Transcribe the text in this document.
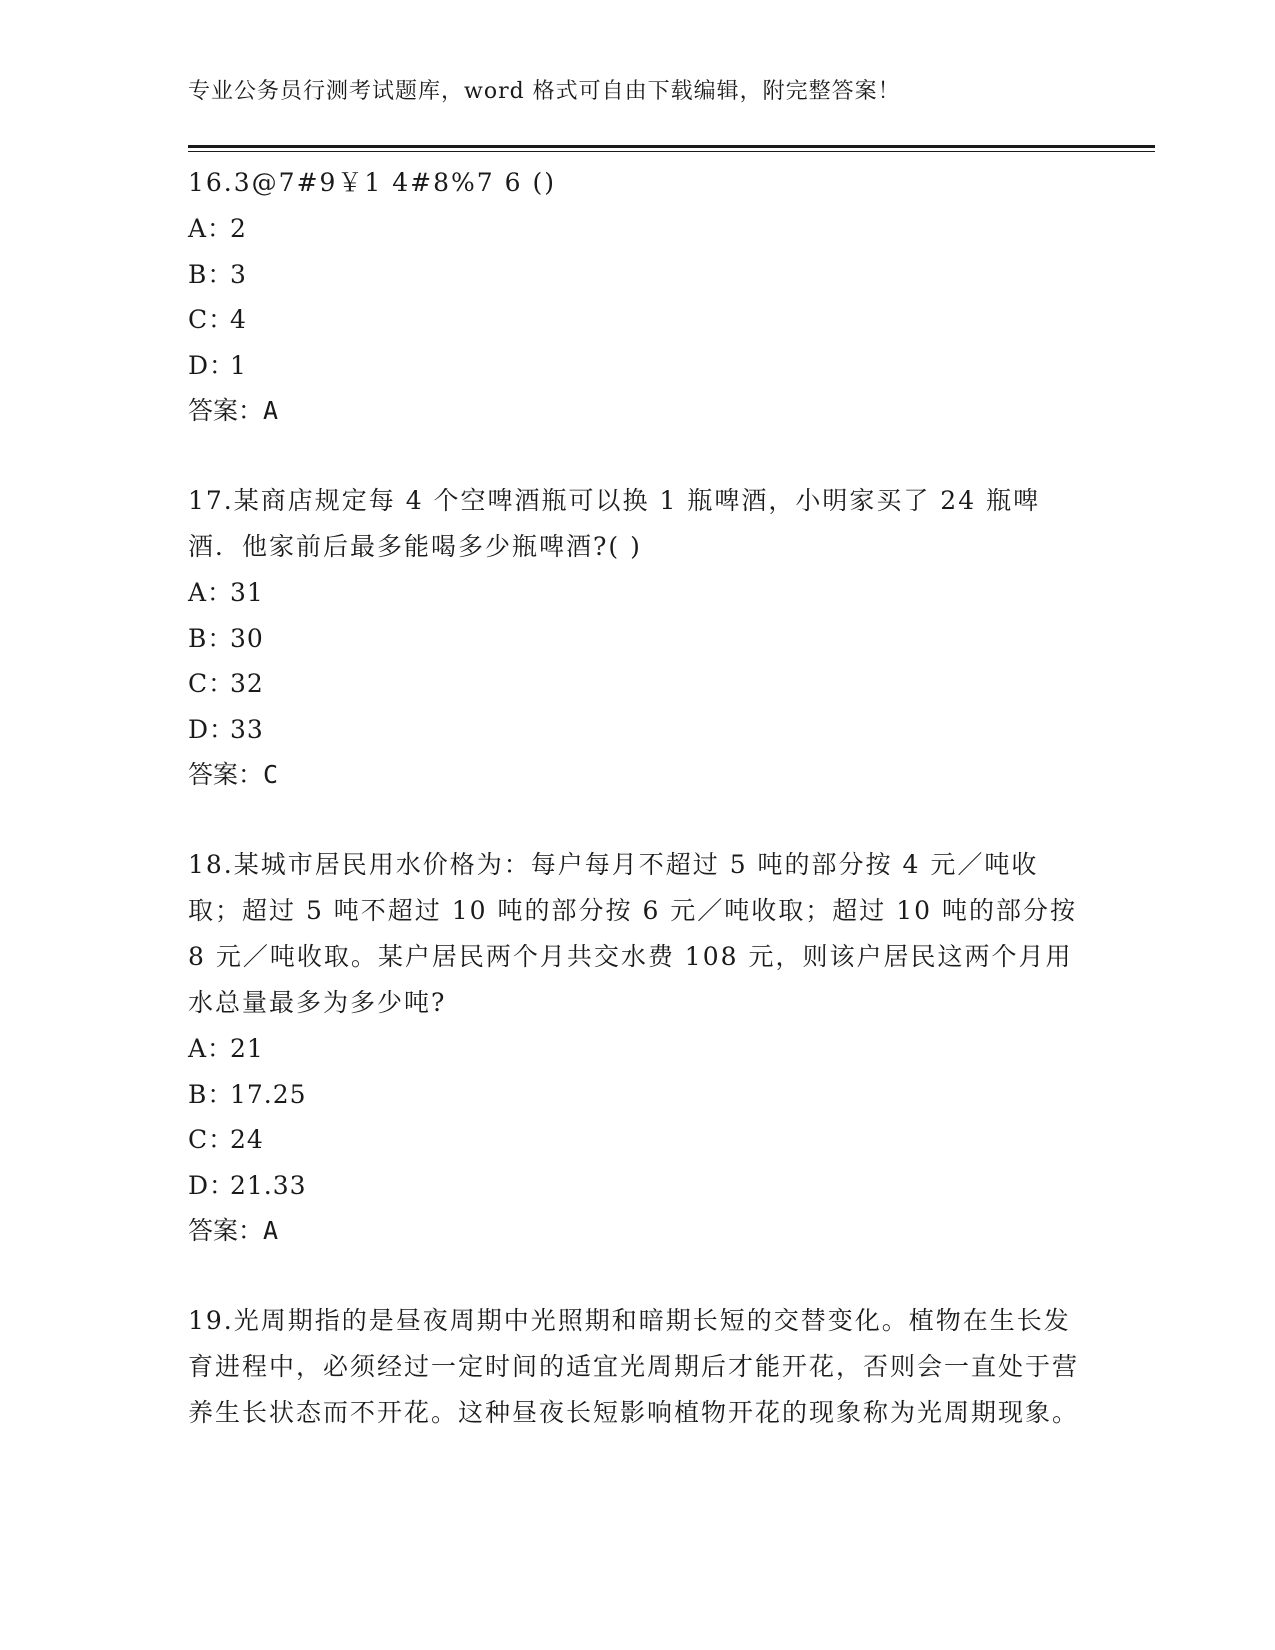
专业公务员行测考试题库，word 格式可自由下载编辑，附完整答案！

16.3@7#9￥1 4#8%7 6 ()

A：2

B：3

C：4

D：1

答案：A

17.某商店规定每 4 个空啤酒瓶可以换 1 瓶啤酒，小明家买了 24 瓶啤酒．他家前后最多能喝多少瓶啤酒?( )

A：31

B：30

C：32

D：33

答案：C

18.某城市居民用水价格为：每户每月不超过 5 吨的部分按 4 元／吨收取；超过 5 吨不超过 10 吨的部分按 6 元／吨收取；超过 10 吨的部分按 8 元／吨收取。某户居民两个月共交水费 108 元，则该户居民这两个月用水总量最多为多少吨?

A：21

B：17.25

C：24

D：21.33

答案：A

19.光周期指的是昼夜周期中光照期和暗期长短的交替变化。植物在生长发育进程中，必须经过一定时间的适宜光周期后才能开花，否则会一直处于营养生长状态而不开花。这种昼夜长短影响植物开花的现象称为光周期现象。
